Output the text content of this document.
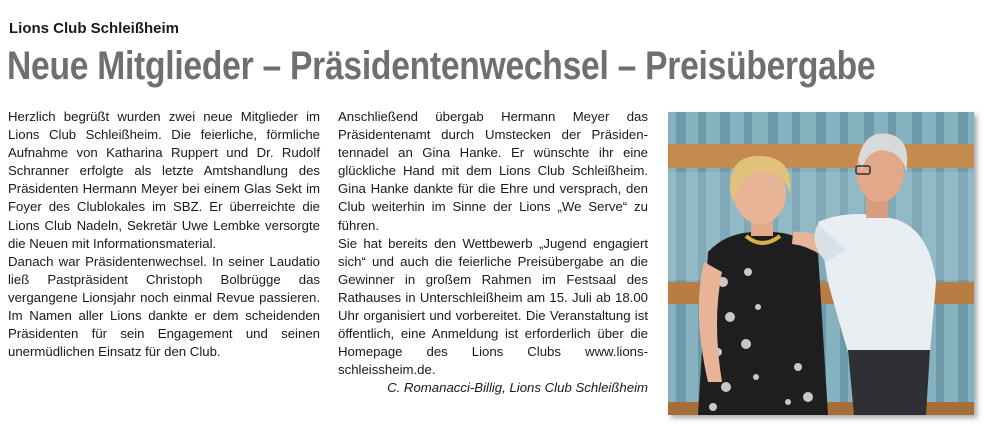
Lions Club Schleißheim
Neue Mitglieder – Präsidentenwechsel – Preisübergabe

Herzlich begrüßt wurden zwei neue Mitglieder im Lions Club Schleißheim. Die feierliche, förmliche Aufnahme von Katharina Ruppert und Dr. Rudolf Schranner erfolgte als letzte Amtshandlung des Präsidenten Hermann Meyer bei einem Glas Sekt im Foyer des Clublokales im SBZ. Er überreichte die Lions Club Nadeln, Sekretär Uwe Lembke versorgte die Neuen mit Informationsmaterial.

Danach war Präsidentenwechsel. In seiner Laudatio ließ Pastpräsident Christoph Bolbrügge das vergangene Lionsjahr noch einmal Revue passieren. Im Namen aller Lions dankte er dem scheidenden Präsidenten für sein Engagement und seinen unermüdlichen Einsatz für den Club.

Anschließend übergab Hermann Meyer das Präsidentenamt durch Umstecken der Präsidentennadel an Gina Hanke. Er wünschte ihr eine glückliche Hand mit dem Lions Club Schleißheim. Gina Hanke dankte für die Ehre und versprach, den Club weiterhin im Sinne der Lions „We Serve“ zu führen.

Sie hat bereits den Wettbewerb „Jugend engagiert sich“ und auch die feierliche Preisübergabe an die Gewinner in großem Rahmen im Festsaal des Rathauses in Unterschleißheim am 15. Juli ab 18.00 Uhr organisiert und vorbereitet. Die Veranstaltung ist öffentlich, eine Anmeldung ist erforderlich über die Homepage des Lions Clubs www.lions-schleissheim.de.

C. Romanacci-Billig, Lions Club Schleißheim
